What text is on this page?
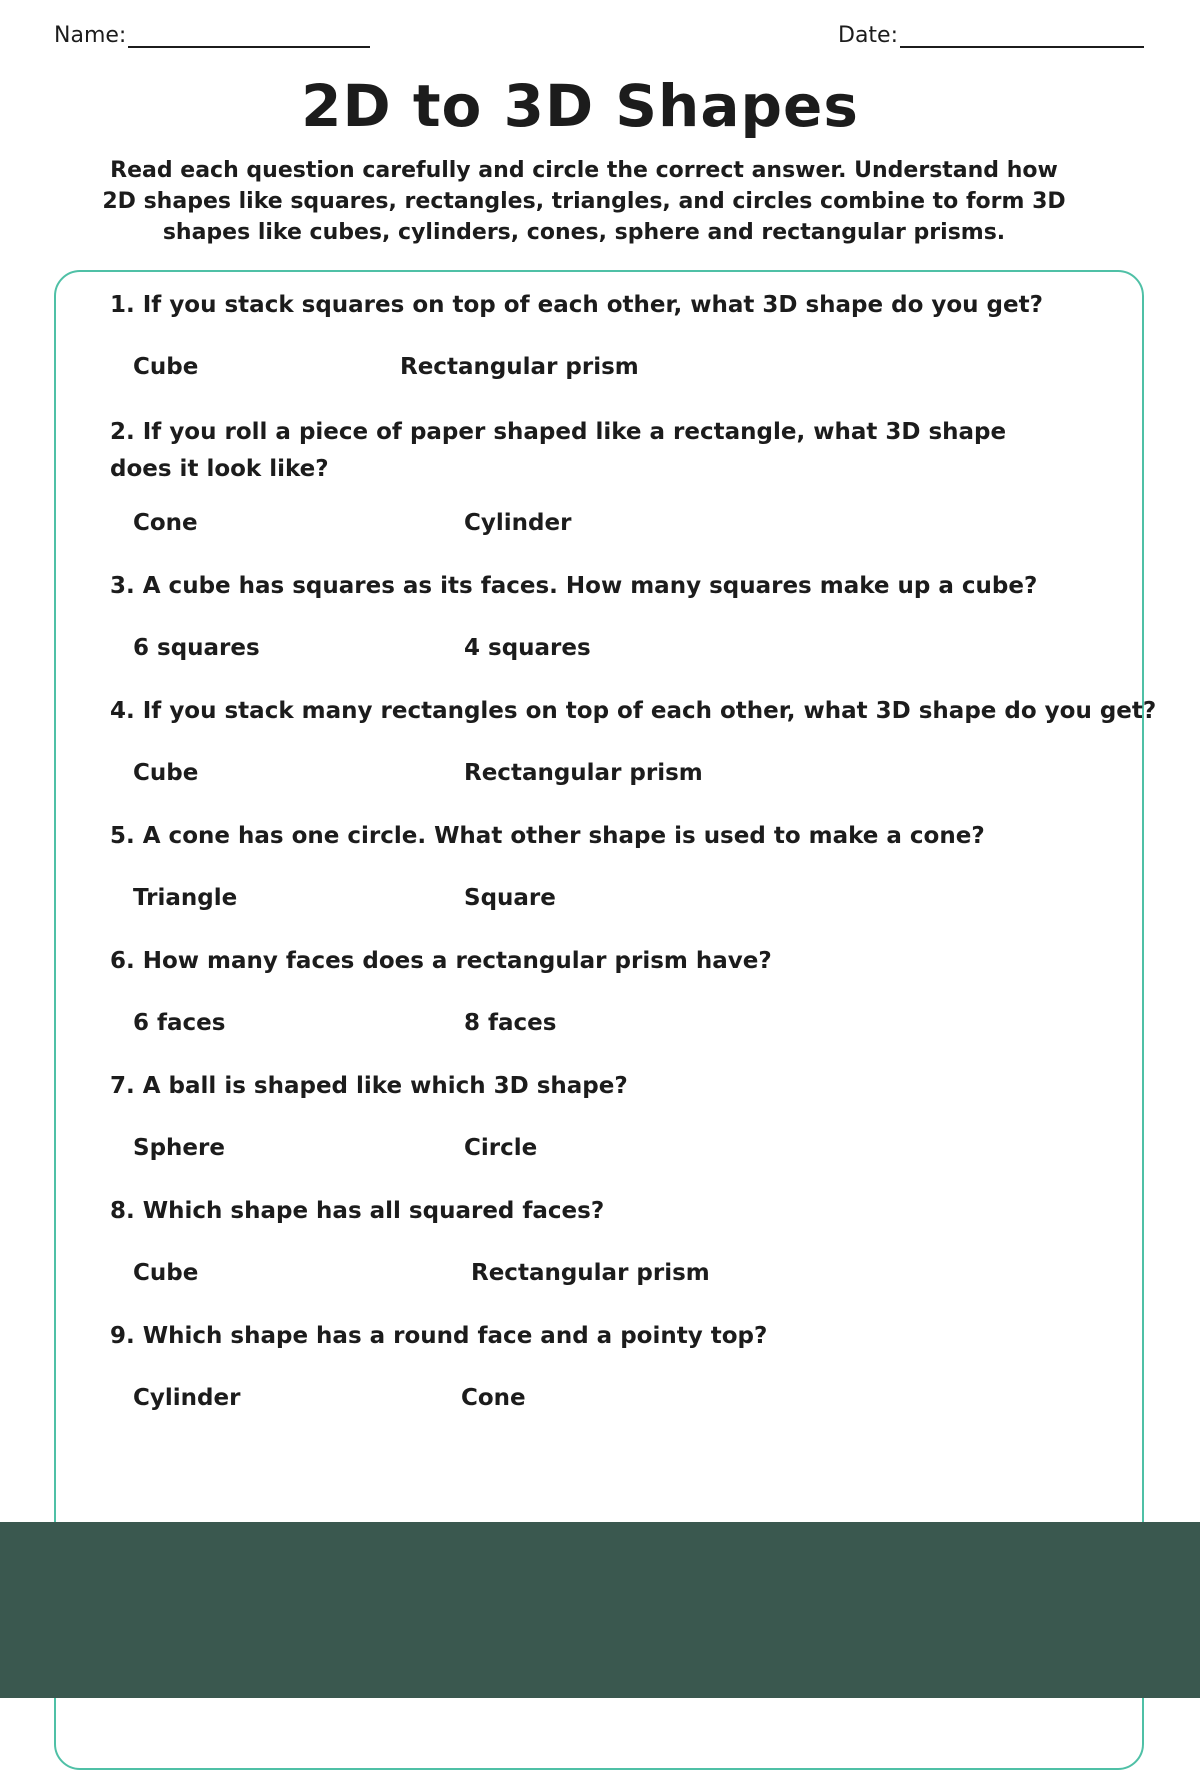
Name:	Date:
2D to 3D Shapes

Read each question carefully and circle the correct answer. Understand how 2D shapes like squares, rectangles, triangles, and circles combine to form 3D shapes like cubes, cylinders, cones, sphere and rectangular prisms.

1. If you stack squares on top of each other, what 3D shape do you get?
Cube	Rectangular prism
2. If you roll a piece of paper shaped like a rectangle, what 3D shape does it look like?
Cone	Cylinder
3. A cube has squares as its faces. How many squares make up a cube?
6 squares	4 squares
4. If you stack many rectangles on top of each other, what 3D shape do you get?
Cube	Rectangular prism
5. A cone has one circle. What other shape is used to make a cone?
Triangle	Square
6. How many faces does a rectangular prism have?
6 faces	8 faces
7. A ball is shaped like which 3D shape?
Sphere	Circle
8. Which shape has all squared faces?
Cube	Rectangular prism
9. Which shape has a round face and a pointy top?
Cylinder	Cone
